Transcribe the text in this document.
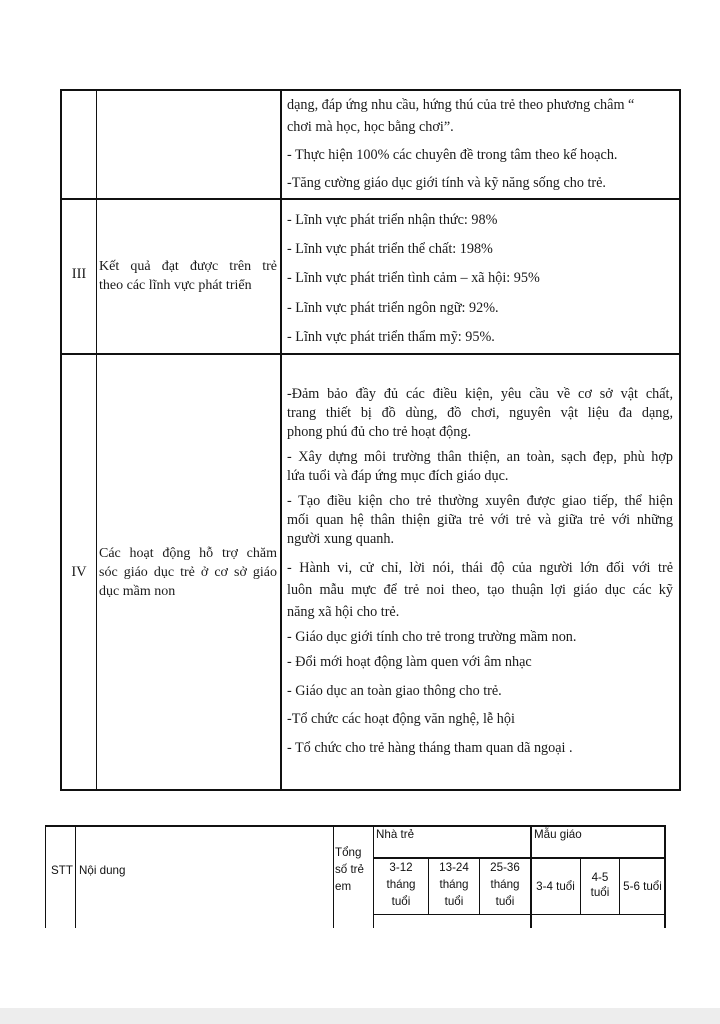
dạng, đáp ứng nhu cầu, hứng thú của trẻ theo phương châm “
chơi mà học, học bằng chơi”.
- Thực hiện 100% các chuyên đề trong tâm theo kế hoạch.
-Tăng cường giáo dục giới tính và kỹ năng sống cho trẻ.
III Kết quả đạt được trên trẻ
theo các lĩnh vực phát triển
- Lĩnh vực phát triển nhận thức: 98%
- Lĩnh vực phát triển thể chất: 198%
- Lĩnh vực phát triển tình cảm – xã hội: 95%
- Lĩnh vực phát triển ngôn ngữ: 92%.
- Lĩnh vực phát triển thẩm mỹ: 95%.
IV
Các hoạt động hỗ trợ chăm
sóc giáo dục trẻ ở cơ sở giáo
dục mầm non
-Đảm bảo đầy đủ các điều kiện, yêu cầu về cơ sở vật chất,
trang thiết bị đồ dùng, đồ chơi, nguyên vật liệu đa dạng,
phong phú đủ cho trẻ hoạt động.
- Xây dựng môi trường thân thiện, an toàn, sạch đẹp, phù hợp
lứa tuổi và đáp ứng mục đích giáo dục.
- Tạo điều kiện cho trẻ thường xuyên được giao tiếp, thể hiện
mối quan hệ thân thiện giữa trẻ với trẻ và giữa trẻ với những
người xung quanh.
- Hành vi, cử chỉ, lời nói, thái độ của người lớn đối với trẻ
luôn mẫu mực để trẻ noi theo, tạo thuận lợi giáo dục các kỹ
năng xã hội cho trẻ.
- Giáo dục giới tính cho trẻ trong trường mầm non.
- Đổi mới hoạt động làm quen với âm nhạc
- Giáo dục an toàn giao thông cho trẻ.
-Tổ chức các hoạt động văn nghệ, lễ hội
- Tổ chức cho trẻ hàng tháng tham quan dã ngoại .
STT Nội dung
Tổng
số trẻ
em
Nhà trẻ	Mẫu giáo
3-12
tháng
tuổi
13-24
tháng
tuổi
25-36
tháng
tuổi
3-4 tuổi
4-5
tuổi	5-6 tuổi
